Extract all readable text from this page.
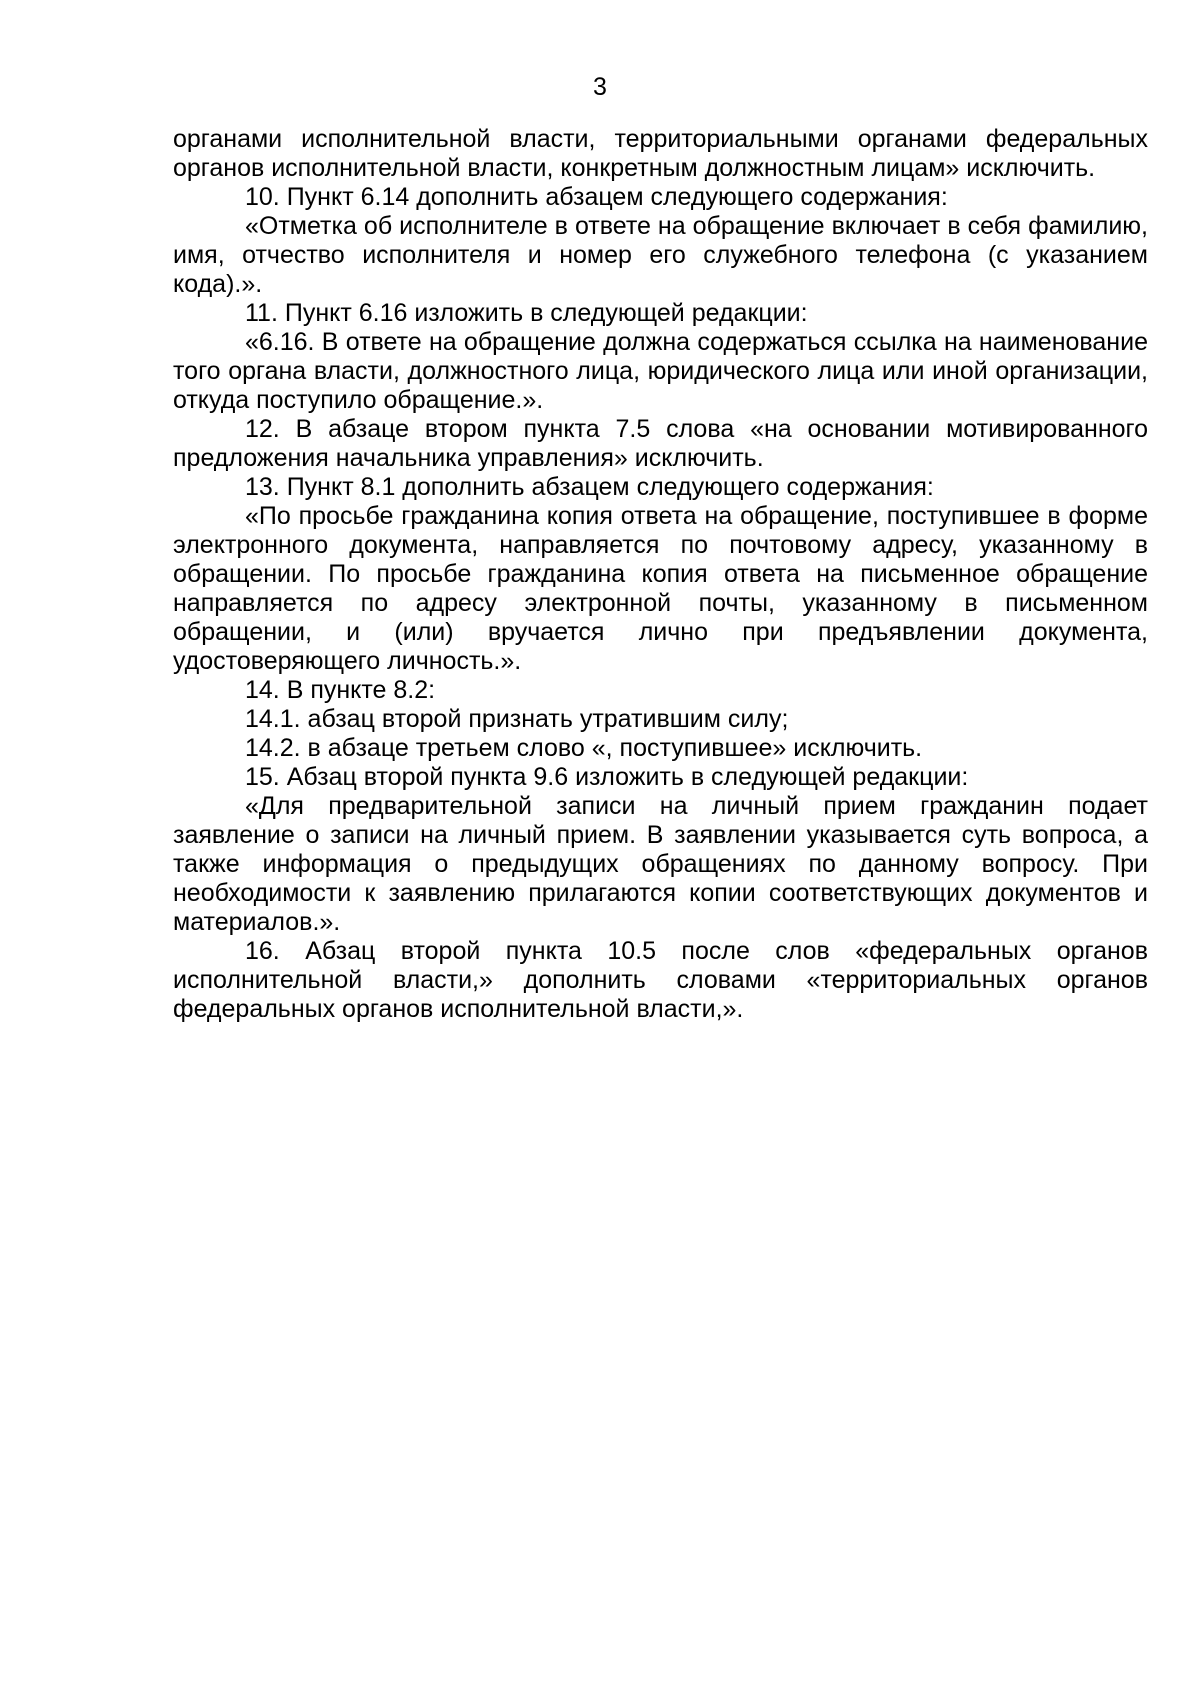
3

органами исполнительной власти, территориальными органами федеральных органов исполнительной власти, конкретным должностным лицам» исключить.

10. Пункт 6.14 дополнить абзацем следующего содержания:

«Отметка об исполнителе в ответе на обращение включает в себя фамилию, имя, отчество исполнителя и номер его служебного телефона (с указанием кода).».

11. Пункт 6.16 изложить в следующей редакции:

«6.16. В ответе на обращение должна содержаться ссылка на наименование того органа власти, должностного лица, юридического лица или иной организации, откуда поступило обращение.».

12. В абзаце втором пункта 7.5 слова «на основании мотивированного предложения начальника управления» исключить.

13. Пункт 8.1 дополнить абзацем следующего содержания:

«По просьбе гражданина копия ответа на обращение, поступившее в форме электронного документа, направляется по почтовому адресу, указанному в обращении. По просьбе гражданина копия ответа на письменное обращение направляется по адресу электронной почты, указанному в письменном обращении, и (или) вручается лично при предъявлении документа, удостоверяющего личность.».

14. В пункте 8.2:

14.1. абзац второй признать утратившим силу;

14.2. в абзаце третьем слово «, поступившее» исключить.

15. Абзац второй пункта 9.6 изложить в следующей редакции:

«Для предварительной записи на личный прием гражданин подает заявление о записи на личный прием. В заявлении указывается суть вопроса, а также информация о предыдущих обращениях по данному вопросу. При необходимости к заявлению прилагаются копии соответствующих документов и материалов.».

16. Абзац второй пункта 10.5 после слов «федеральных органов исполнительной власти,» дополнить словами «территориальных органов федеральных органов исполнительной власти,».
